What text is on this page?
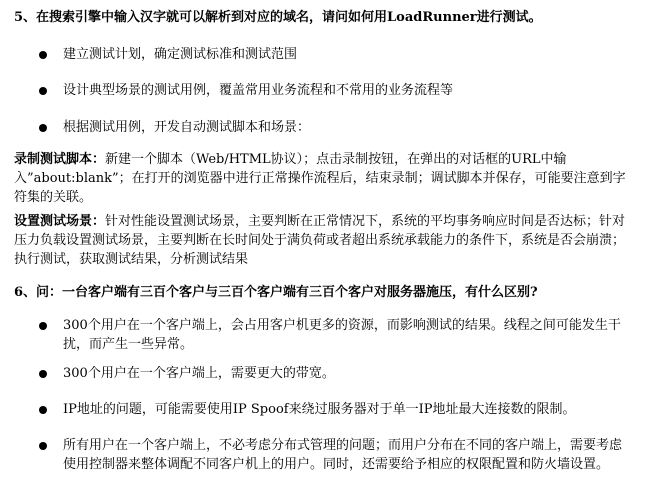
5、在搜索引擎中输入汉字就可以解析到对应的域名，请问如何用LoadRunner进行测试。
建立测试计划，确定测试标准和测试范围
设计典型场景的测试用例，覆盖常用业务流程和不常用的业务流程等
根据测试用例，开发自动测试脚本和场景：
录制测试脚本：新建一个脚本（Web/HTML协议）；点击录制按钮，在弹出的对话框的URL中输入”about:blank”；在打开的浏览器中进行正常操作流程后，结束录制；调试脚本并保存，可能要注意到字符集的关联。
设置测试场景：针对性能设置测试场景，主要判断在正常情况下，系统的平均事务响应时间是否达标；针对压力负载设置测试场景，主要判断在长时间处于满负荷或者超出系统承载能力的条件下，系统是否会崩溃；执行测试，获取测试结果，分析测试结果
6、问：一台客户端有三百个客户与三百个客户端有三百个客户对服务器施压，有什么区别?
300个用户在一个客户端上，会占用客户机更多的资源，而影响测试的结果。线程之间可能发生干扰，而产生一些异常。
300个用户在一个客户端上，需要更大的带宽。
IP地址的问题，可能需要使用IP Spoof来绕过服务器对于单一IP地址最大连接数的限制。
所有用户在一个客户端上，不必考虑分布式管理的问题；而用户分布在不同的客户端上，需要考虑使用控制器来整体调配不同客户机上的用户。同时，还需要给予相应的权限配置和防火墙设置。
